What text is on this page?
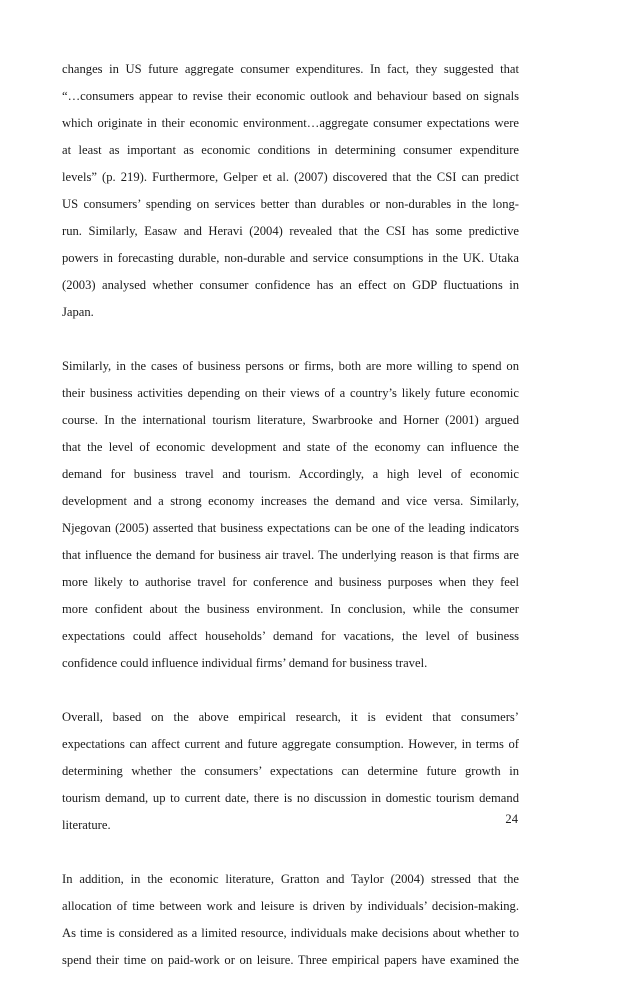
changes in US future aggregate consumer expenditures. In fact, they suggested that
“…consumers appear to revise their economic outlook and behaviour based on signals
which originate in their economic environment…aggregate consumer expectations were
at least as important as economic conditions in determining consumer expenditure
levels” (p. 219). Furthermore, Gelper et al. (2007) discovered that the CSI can predict
US consumers’ spending on services better than durables or non-durables in the long-
run. Similarly, Easaw and Heravi (2004) revealed that the CSI has some predictive
powers in forecasting durable, non-durable and service consumptions in the UK. Utaka
(2003) analysed whether consumer confidence has an effect on GDP fluctuations in
Japan.
Similarly, in the cases of business persons or firms, both are more willing to spend on
their business activities depending on their views of a country’s likely future economic
course. In the international tourism literature, Swarbrooke and Horner (2001) argued
that the level of economic development and state of the economy can influence the
demand for business travel and tourism. Accordingly, a high level of economic
development and a strong economy increases the demand and vice versa. Similarly,
Njegovan (2005) asserted that business expectations can be one of the leading indicators
that influence the demand for business air travel. The underlying reason is that firms are
more likely to authorise travel for conference and business purposes when they feel
more confident about the business environment. In conclusion, while the consumer
expectations could affect households’ demand for vacations, the level of business
confidence could influence individual firms’ demand for business travel.
Overall, based on the above empirical research, it is evident that consumers’
expectations can affect current and future aggregate consumption. However, in terms of
determining whether the consumers’ expectations can determine future growth in
tourism demand, up to current date, there is no discussion in domestic tourism demand
literature.
In addition, in the economic literature, Gratton and Taylor (2004) stressed that the
allocation of time between work and leisure is driven by individuals’ decision-making.
As time is considered as a limited resource, individuals make decisions about whether to
spend their time on paid-work or on leisure. Three empirical papers have examined the
24
